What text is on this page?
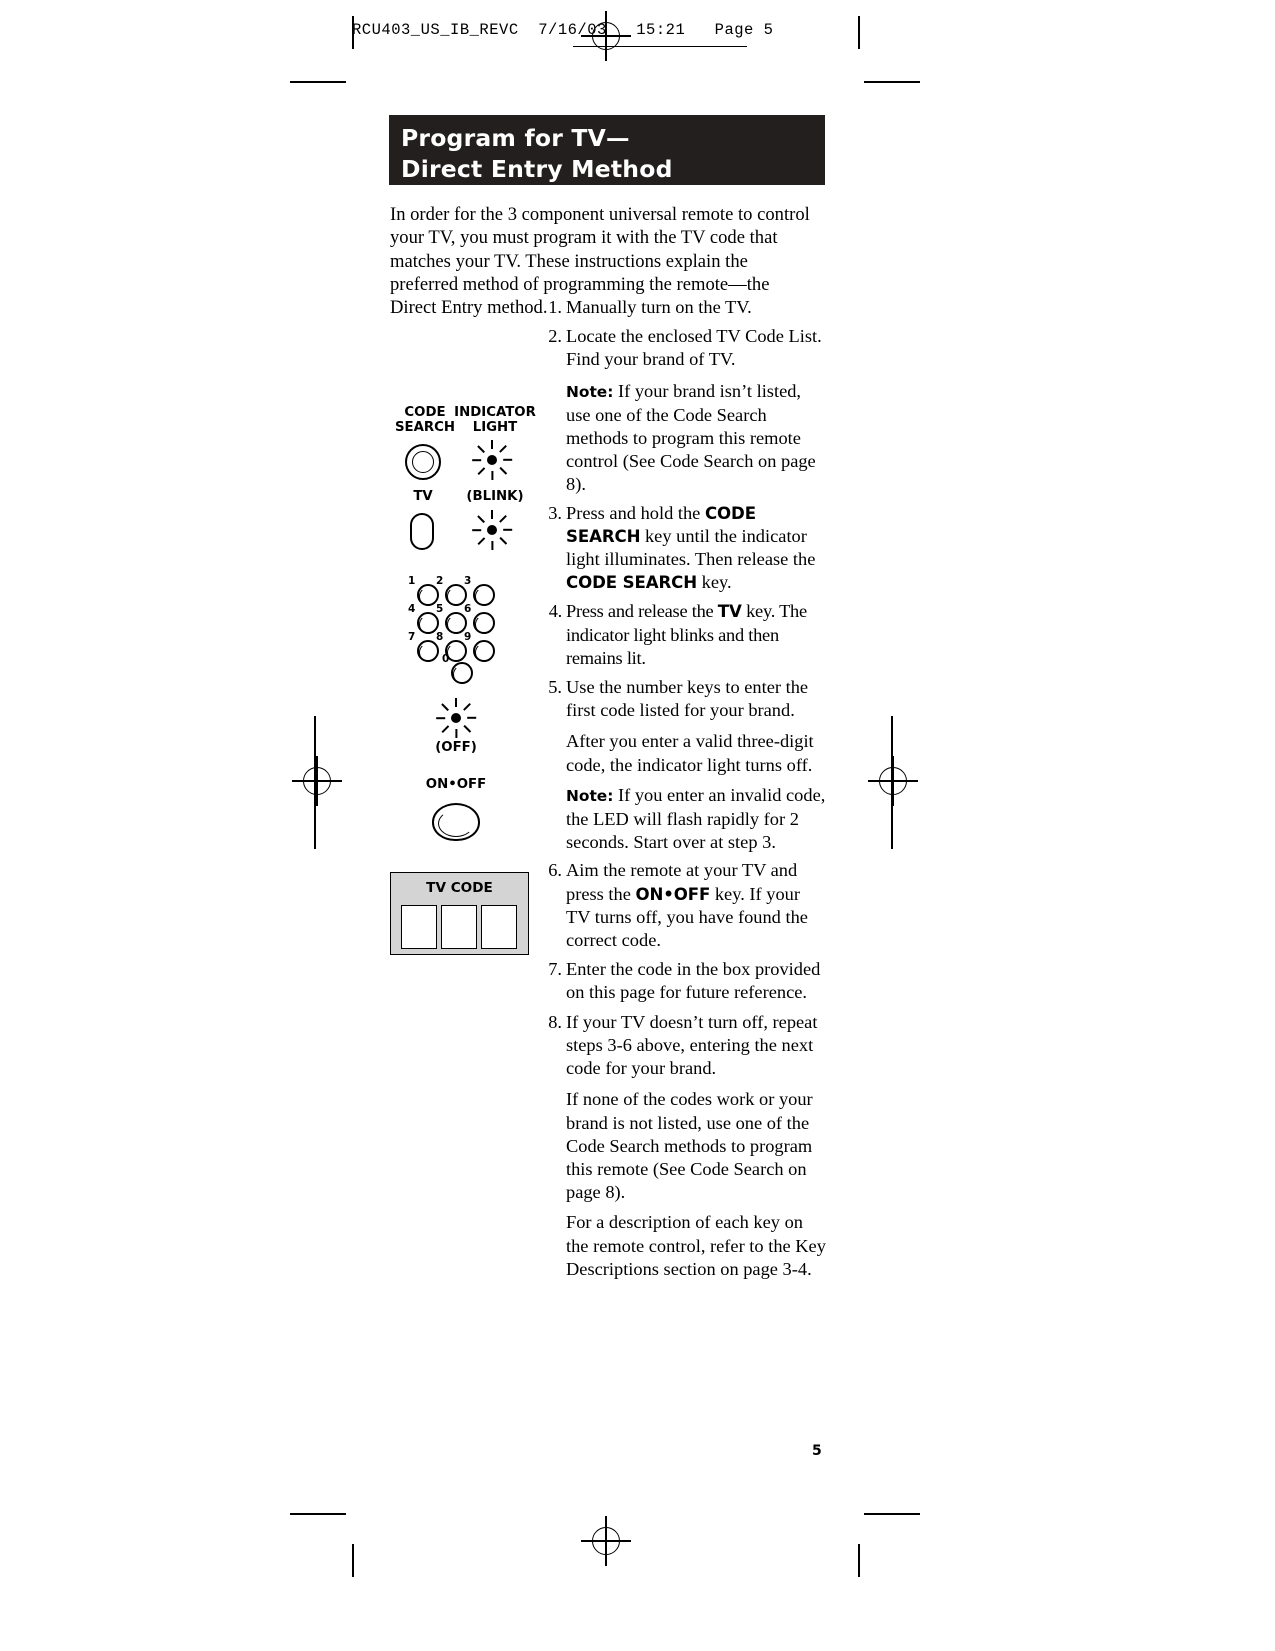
RCU403_US_IB_REVC  7/16/03   15:21   Page 5
Program for TV—
Direct Entry Method
In order for the 3 component universal remote to control your TV, you must program it with the TV code that matches your TV. These instructions explain the preferred method of programming the remote—the Direct Entry method.
CODE
SEARCH
INDICATOR
LIGHT
TV	(BLINK)
1 2 3
4 5 6
7 8 9
0
(OFF)
ON•OFF
TV CODE
1. Manually turn on the TV.
2. Locate the enclosed TV Code List. Find your brand of TV.
Note: If your brand isn’t listed, use one of the Code Search methods to program this remote control (See Code Search on page 8).
3. Press and hold the CODE SEARCH key until the indicator light illuminates. Then release the CODE SEARCH key.
4. Press and release the TV key. The indicator light blinks and then remains lit.
5. Use the number keys to enter the first code listed for your brand.
After you enter a valid three-digit code, the indicator light turns off.
Note: If you enter an invalid code, the LED will flash rapidly for 2 seconds. Start over at step 3.
6. Aim the remote at your TV and press the ON•OFF key. If your TV turns off, you have found the correct code.
7. Enter the code in the box provided on this page for future reference.
8. If your TV doesn’t turn off, repeat steps 3-6 above, entering the next code for your brand.
If none of the codes work or your brand is not listed, use one of the Code Search methods to program this remote (See Code Search on page 8).
For a description of each key on the remote control, refer to the Key Descriptions section on page 3-4.
5
